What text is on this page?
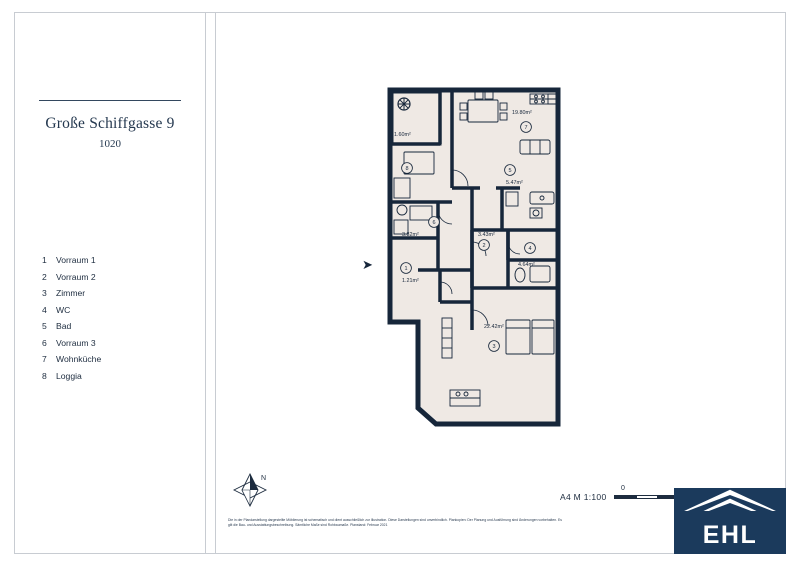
Große Schiffgasse 9
1020
1	Vorraum 1
2	Vorraum 2
3	Zimmer
4	WC
5	Bad
6	Vorraum 3
7	Wohnküche
8	Loggia
➤
8
7
5
6
2	4
1
3
1.60m²
19.80m²
5.47m²
3.82m²	3.43m²
4.64m²
1.21m²
22.42m²
N
0
A4 M 1:100
Die in der Plandarstellung dargestellte Möblierung ist schematisch und dient ausschließlich zur Illustration. Diese Darstellungen sind unverbindlich. Plankopien: Der Planung und Ausführung sind Änderungen vorbehalten. Es
gilt die Bau- und Ausstattungsbeschreibung. Sämtliche Maße sind Rohbaumaße. Planstand: Februar 2021	EHL
